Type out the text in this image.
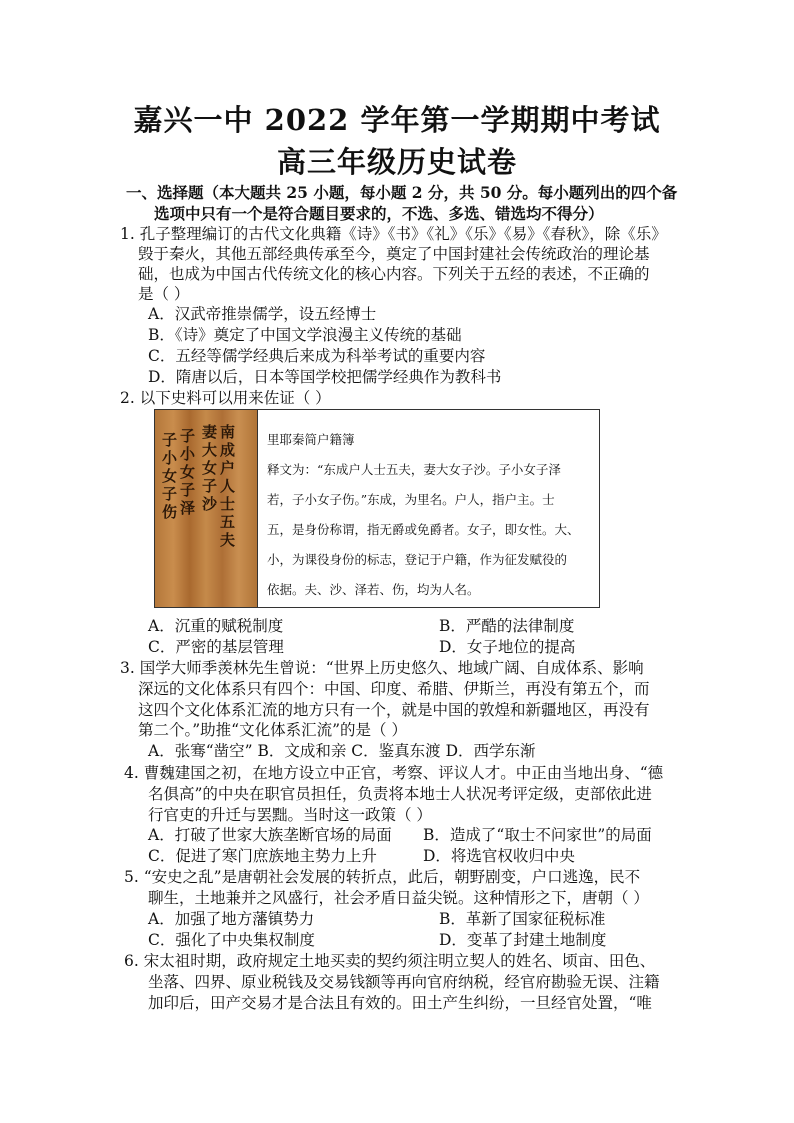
嘉兴一中 2022 学年第一学期期中考试
高三年级历史试卷
一、选择题（本大题共 25 小题，每小题 2 分，共 50 分。每小题列出的四个备
选项中只有一个是符合题目要求的，不选、多选、错选均不得分）
1. 孔子整理编订的古代文化典籍《诗》《书》《礼》《乐》《易》《春秋》，除《乐》
毁于秦火，其他五部经典传承至今，奠定了中国封建社会传统政治的理论基
础，也成为中国古代传统文化的核心内容。下列关于五经的表述，不正确的
是（ ）
A．汉武帝推崇儒学，设五经博士
B．《诗》奠定了中国文学浪漫主义传统的基础
C．五经等儒学经典后来成为科举考试的重要内容
D．隋唐以后，日本等国学校把儒学经典作为教科书
2. 以下史料可以用来佐证（ ）
南成户人士五夫
妻大女子沙
子小女子泽
子小女子伤	里耶秦简户籍簿
释文为：“东成户人士五夫，妻大女子沙。子小女子泽
若，子小女子伤。”东成，为里名。户人，指户主。士
五，是身份称谓，指无爵或免爵者。女子，即女性。大、
小，为课役身份的标志，登记于户籍，作为征发赋役的
依据。夫、沙、泽若、伤，均为人名。
A．沉重的赋税制度	B．严酷的法律制度
C．严密的基层管理	D．女子地位的提高
3. 国学大师季羡林先生曾说：“世界上历史悠久、地域广阔、自成体系、影响
深远的文化体系只有四个：中国、印度、希腊、伊斯兰，再没有第五个，而
这四个文化体系汇流的地方只有一个，就是中国的敦煌和新疆地区，再没有
第二个。”助推“文化体系汇流”的是（ ）
A．张骞“凿空” B．文成和亲 C．鉴真东渡 D．西学东渐
4. 曹魏建国之初，在地方设立中正官，考察、评议人才。中正由当地出身、“德
名俱高”的中央在职官员担任，负责将本地士人状况考评定级，吏部依此进
行官吏的升迁与罢黜。当时这一政策（ ）
A．打破了世家大族垄断官场的局面 B．造成了“取士不问家世”的局面
C．促进了寒门庶族地主势力上升	D．将选官权收归中央
5. “安史之乱”是唐朝社会发展的转折点，此后，朝野剧变，户口逃逸，民不
聊生，土地兼并之风盛行，社会矛盾日益尖锐。这种情形之下，唐朝（ ）
A．加强了地方藩镇势力	B．革新了国家征税标准
C．强化了中央集权制度	D．变革了封建土地制度
6. 宋太祖时期，政府规定土地买卖的契约须注明立契人的姓名、顷亩、田色、
坐落、四界、原业税钱及交易钱额等再向官府纳税，经官府勘验无误、注籍
加印后，田产交易才是合法且有效的。田土产生纠纷，一旦经官处置，“唯
